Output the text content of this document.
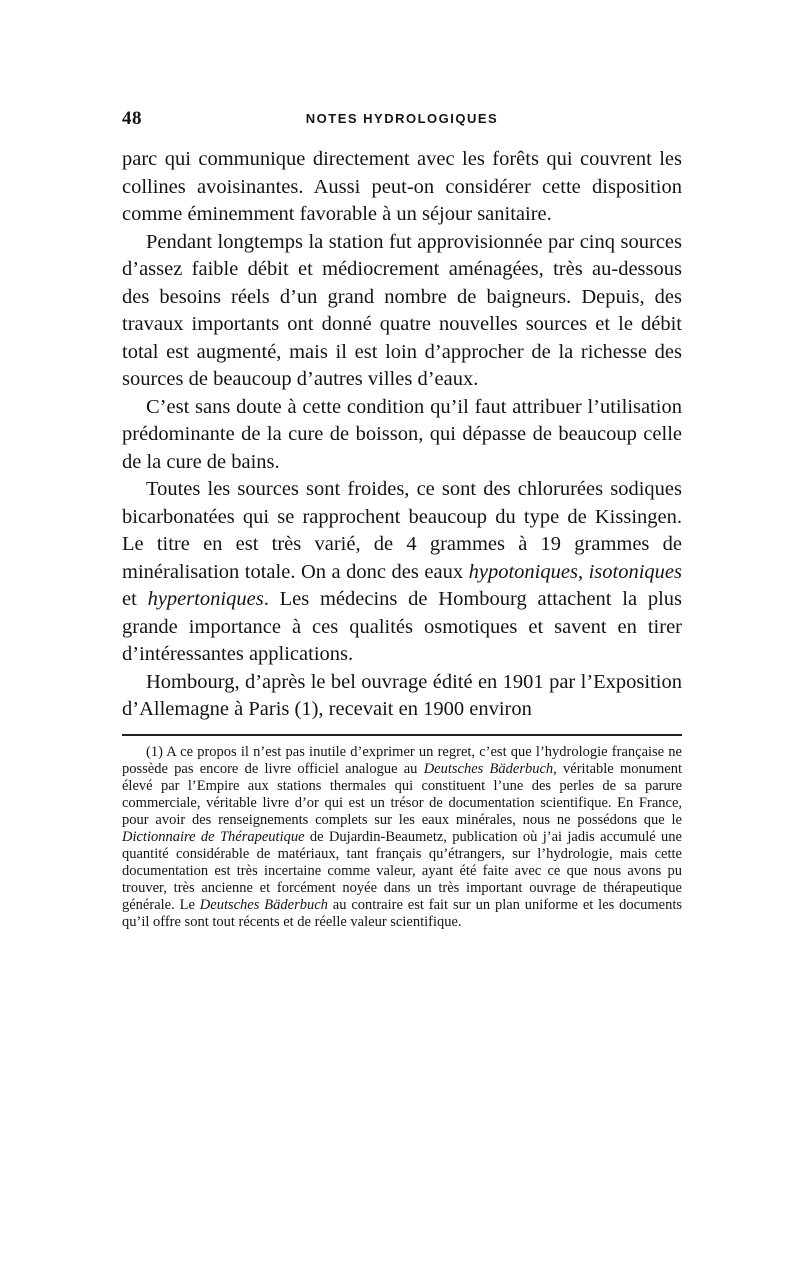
48	NOTES HYDROLOGIQUES

parc qui communique directement avec les forêts qui couvrent les collines avoisinantes. Aussi peut-on considérer cette disposition comme éminemment favorable à un séjour sanitaire.

Pendant longtemps la station fut approvisionnée par cinq sources d’assez faible débit et médiocrement aménagées, très au-dessous des besoins réels d’un grand nombre de baigneurs. Depuis, des travaux importants ont donné quatre nouvelles sources et le débit total est augmenté, mais il est loin d’approcher de la richesse des sources de beaucoup d’autres villes d’eaux.

C’est sans doute à cette condition qu’il faut attribuer l’utilisation prédominante de la cure de boisson, qui dépasse de beaucoup celle de la cure de bains.

Toutes les sources sont froides, ce sont des chlorurées sodiques bicarbonatées qui se rapprochent beaucoup du type de Kissingen. Le titre en est très varié, de 4 grammes à 19 grammes de minéralisation totale. On a donc des eaux hypotoniques, isotoniques et hypertoniques. Les médecins de Hombourg attachent la plus grande importance à ces qualités osmotiques et savent en tirer d’intéressantes applications.

Hombourg, d’après le bel ouvrage édité en 1901 par l’Exposition d’Allemagne à Paris (1), recevait en 1900 environ

(1) A ce propos il n’est pas inutile d’exprimer un regret, c’est que l’hydrologie française ne possède pas encore de livre officiel analogue au Deutsches Bäderbuch, véritable monument élevé par l’Empire aux stations thermales qui constituent l’une des perles de sa parure commerciale, véritable livre d’or qui est un trésor de documentation scientifique. En France, pour avoir des renseignements complets sur les eaux minérales, nous ne possédons que le Dictionnaire de Thérapeutique de Dujardin-Beaumetz, publication où j’ai jadis accumulé une quantité considérable de matériaux, tant français qu’étrangers, sur l’hydrologie, mais cette documentation est très incertaine comme valeur, ayant été faite avec ce que nous avons pu trouver, très ancienne et forcément noyée dans un très important ouvrage de thérapeutique générale. Le Deutsches Bäderbuch au contraire est fait sur un plan uniforme et les documents qu’il offre sont tout récents et de réelle valeur scientifique.
